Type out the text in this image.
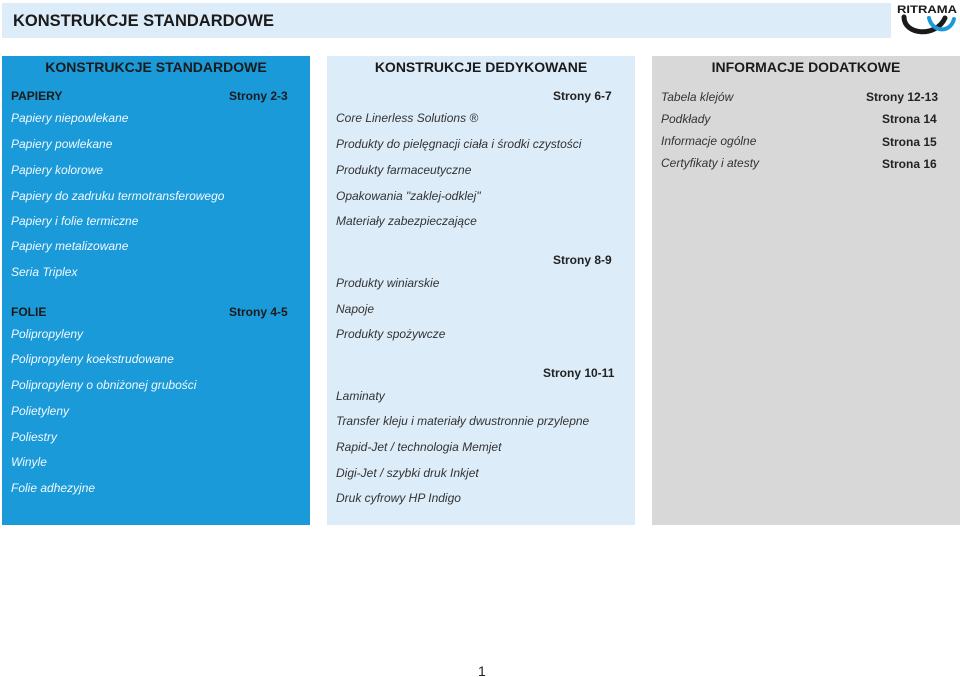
KONSTRUKCJE STANDARDOWE
RITRAMA
KONSTRUKCJE STANDARDOWE
PAPIERY	Strony 2-3
Papiery niepowlekane
Papiery powlekane
Papiery kolorowe
Papiery do zadruku termotransferowego
Papiery i folie termiczne
Papiery metalizowane
Seria Triplex
FOLIE	Strony 4-5
Polipropyleny
Polipropyleny koekstrudowane
Polipropyleny o obniżonej grubości
Polietyleny
Poliestry
Winyle
Folie adhezyjne
KONSTRUKCJE DEDYKOWANE
Strony 6-7
Core Linerless Solutions ®
Produkty do pielęgnacji ciała i środki czystości
Produkty farmaceutyczne
Opakowania "zaklej-odklej"
Materiały zabezpieczające
Strony 8-9
Produkty winiarskie
Napoje
Produkty spożywcze
Strony 10-11
Laminaty
Transfer kleju i materiały dwustronnie przylepne
Rapid-Jet / technologia Memjet
Digi-Jet / szybki druk Inkjet
Druk cyfrowy HP Indigo
INFORMACJE DODATKOWE
Tabela klejów	Strony 12-13
Podkłady	Strona 14
Informacje ogólne	Strona 15
Certyfikaty i atesty	Strona 16
1
